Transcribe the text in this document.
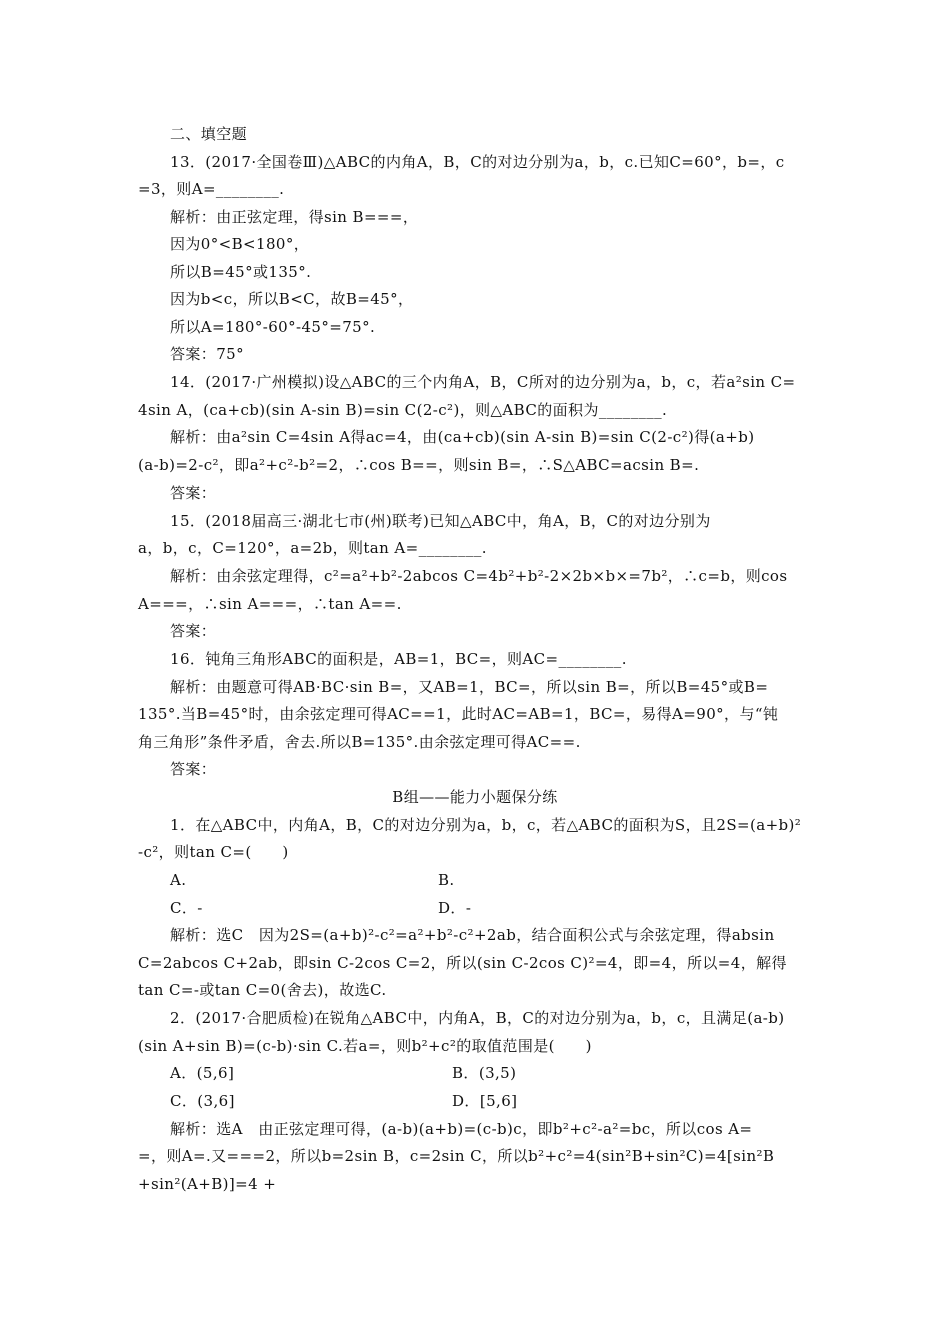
二、填空题
13．(2017·全国卷Ⅲ)△ABC的内角A，B，C的对边分别为a，b，c.已知C=60°，b=，c
=3，则A=________.
解析：由正弦定理，得sin B===，
因为0°<B<180°，
所以B=45°或135°.
因为b<c，所以B<C，故B=45°，
所以A=180°-60°-45°=75°.
答案：75°
14．(2017·广州模拟)设△ABC的三个内角A，B，C所对的边分别为a，b，c，若a²sin C=
4sin A，(ca+cb)(sin A-sin B)=sin C(2-c²)，则△ABC的面积为________.
解析：由a²sin C=4sin A得ac=4，由(ca+cb)(sin A-sin B)=sin C(2-c²)得(a+b)
(a-b)=2-c²，即a²+c²-b²=2，∴cos B==，则sin B=，∴S△ABC=acsin B=.
答案：
15．(2018届高三·湖北七市(州)联考)已知△ABC中，角A，B，C的对边分别为
a，b，c，C=120°，a=2b，则tan A=________.
解析：由余弦定理得，c²=a²+b²-2abcos C=4b²+b²-2×2b×b×=7b²，∴c=b，则cos
A===，∴sin A===，∴tan A==.
答案：
16．钝角三角形ABC的面积是，AB=1，BC=，则AC=________.
解析：由题意可得AB·BC·sin B=，又AB=1，BC=，所以sin B=，所以B=45°或B=
135°.当B=45°时，由余弦定理可得AC==1，此时AC=AB=1，BC=，易得A=90°，与“钝
角三角形”条件矛盾，舍去.所以B=135°.由余弦定理可得AC==.
答案：
B组——能力小题保分练
1．在△ABC中，内角A，B，C的对边分别为a，b，c，若△ABC的面积为S，且2S=(a+b)²
-c²，则tan C=(　　)
A.	B.
C．-	D．-
解析：选C　因为2S=(a+b)²-c²=a²+b²-c²+2ab，结合面积公式与余弦定理，得absin
C=2abcos C+2ab，即sin C-2cos C=2，所以(sin C-2cos C)²=4，即=4，所以=4，解得
tan C=-或tan C=0(舍去)，故选C.
2．(2017·合肥质检)在锐角△ABC中，内角A，B，C的对边分别为a，b，c，且满足(a-b)
(sin A+sin B)=(c-b)·sin C.若a=，则b²+c²的取值范围是(　　)
A．(5,6]	B．(3,5)
C．(3,6]	D．[5,6]
解析：选A　由正弦定理可得，(a-b)(a+b)=(c-b)c，即b²+c²-a²=bc，所以cos A=
=，则A=.又===2，所以b=2sin B，c=2sin C，所以b²+c²=4(sin²B+sin²C)=4[sin²B
+sin²(A+B)]=4 +
